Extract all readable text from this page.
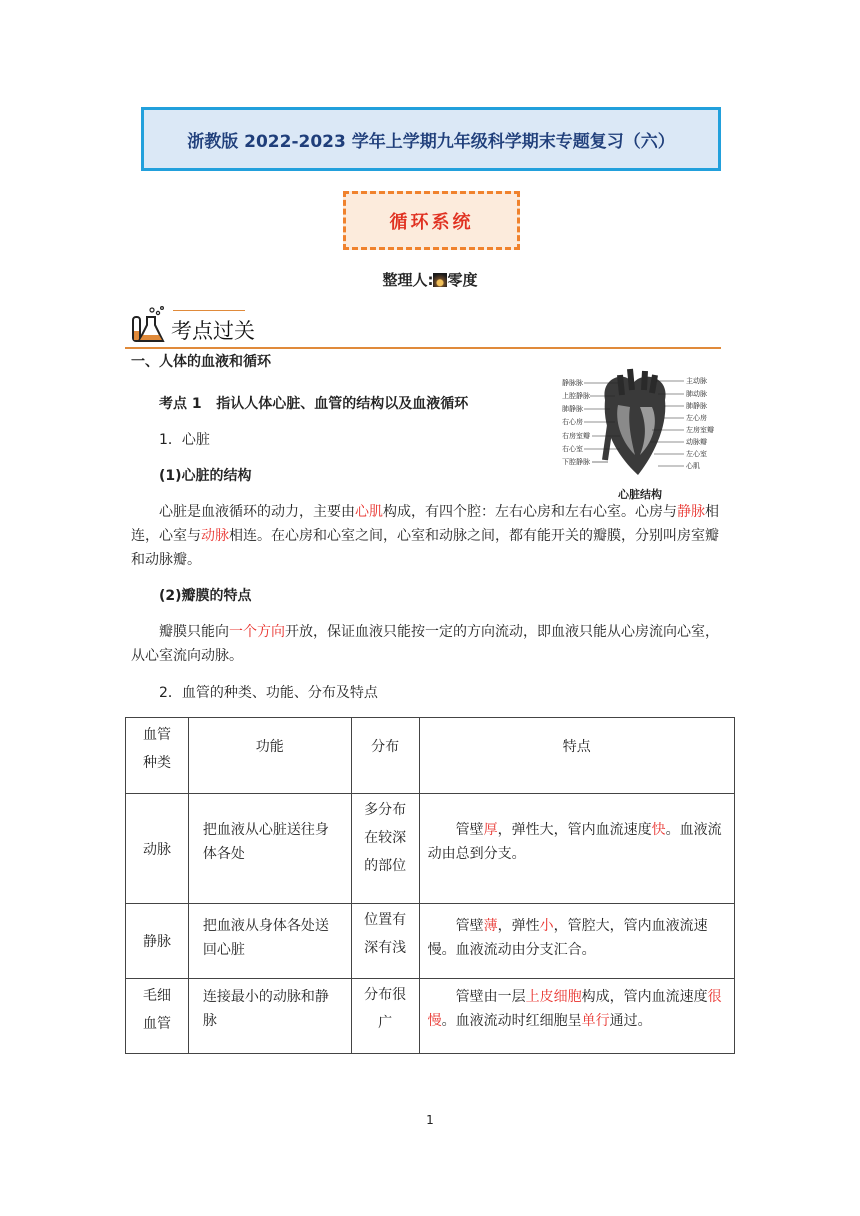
浙教版 2022-2023 学年上学期九年级科学期末专题复习（六）
循环系统
整理人: 零度
考点过关
一、人体的血液和循环
考点 1   指认人体心脏、血管的结构以及血液循环
1．心脏
(1)心脏的结构
静脉脉
上腔静脉
肺静脉
右心房
右房室瓣
右心室
下腔静脉
主动脉
肺动脉
肺静脉
左心房
左房室瓣
动脉瓣
左心室
心肌
心脏结构
心脏是血液循环的动力，主要由心肌构成，有四个腔：左右心房和左右心室。心房与静脉相连，心室与动脉相连。在心房和心室之间，心室和动脉之间，都有能开关的瓣膜，分别叫房室瓣和动脉瓣。
(2)瓣膜的特点
瓣膜只能向一个方向开放，保证血液只能按一定的方向流动，即血液只能从心房流向心室，从心室流向动脉。
2．血管的种类、功能、分布及特点
血管种类	功能	分布	特点
动脉	把血液从心脏送往身体各处	多分布在较深的部位	管壁厚，弹性大，管内血流速度快。血液流动由总到分支。
静脉	把血液从身体各处送回心脏	位置有深有浅	管壁薄，弹性小，管腔大，管内血液流速慢。血液流动由分支汇合。

毛细血管	连接最小的动脉和静脉	分布很广	管壁由一层上皮细胞构成，管内血流速度很慢。血液流动时红细胞呈单行通过。
1
